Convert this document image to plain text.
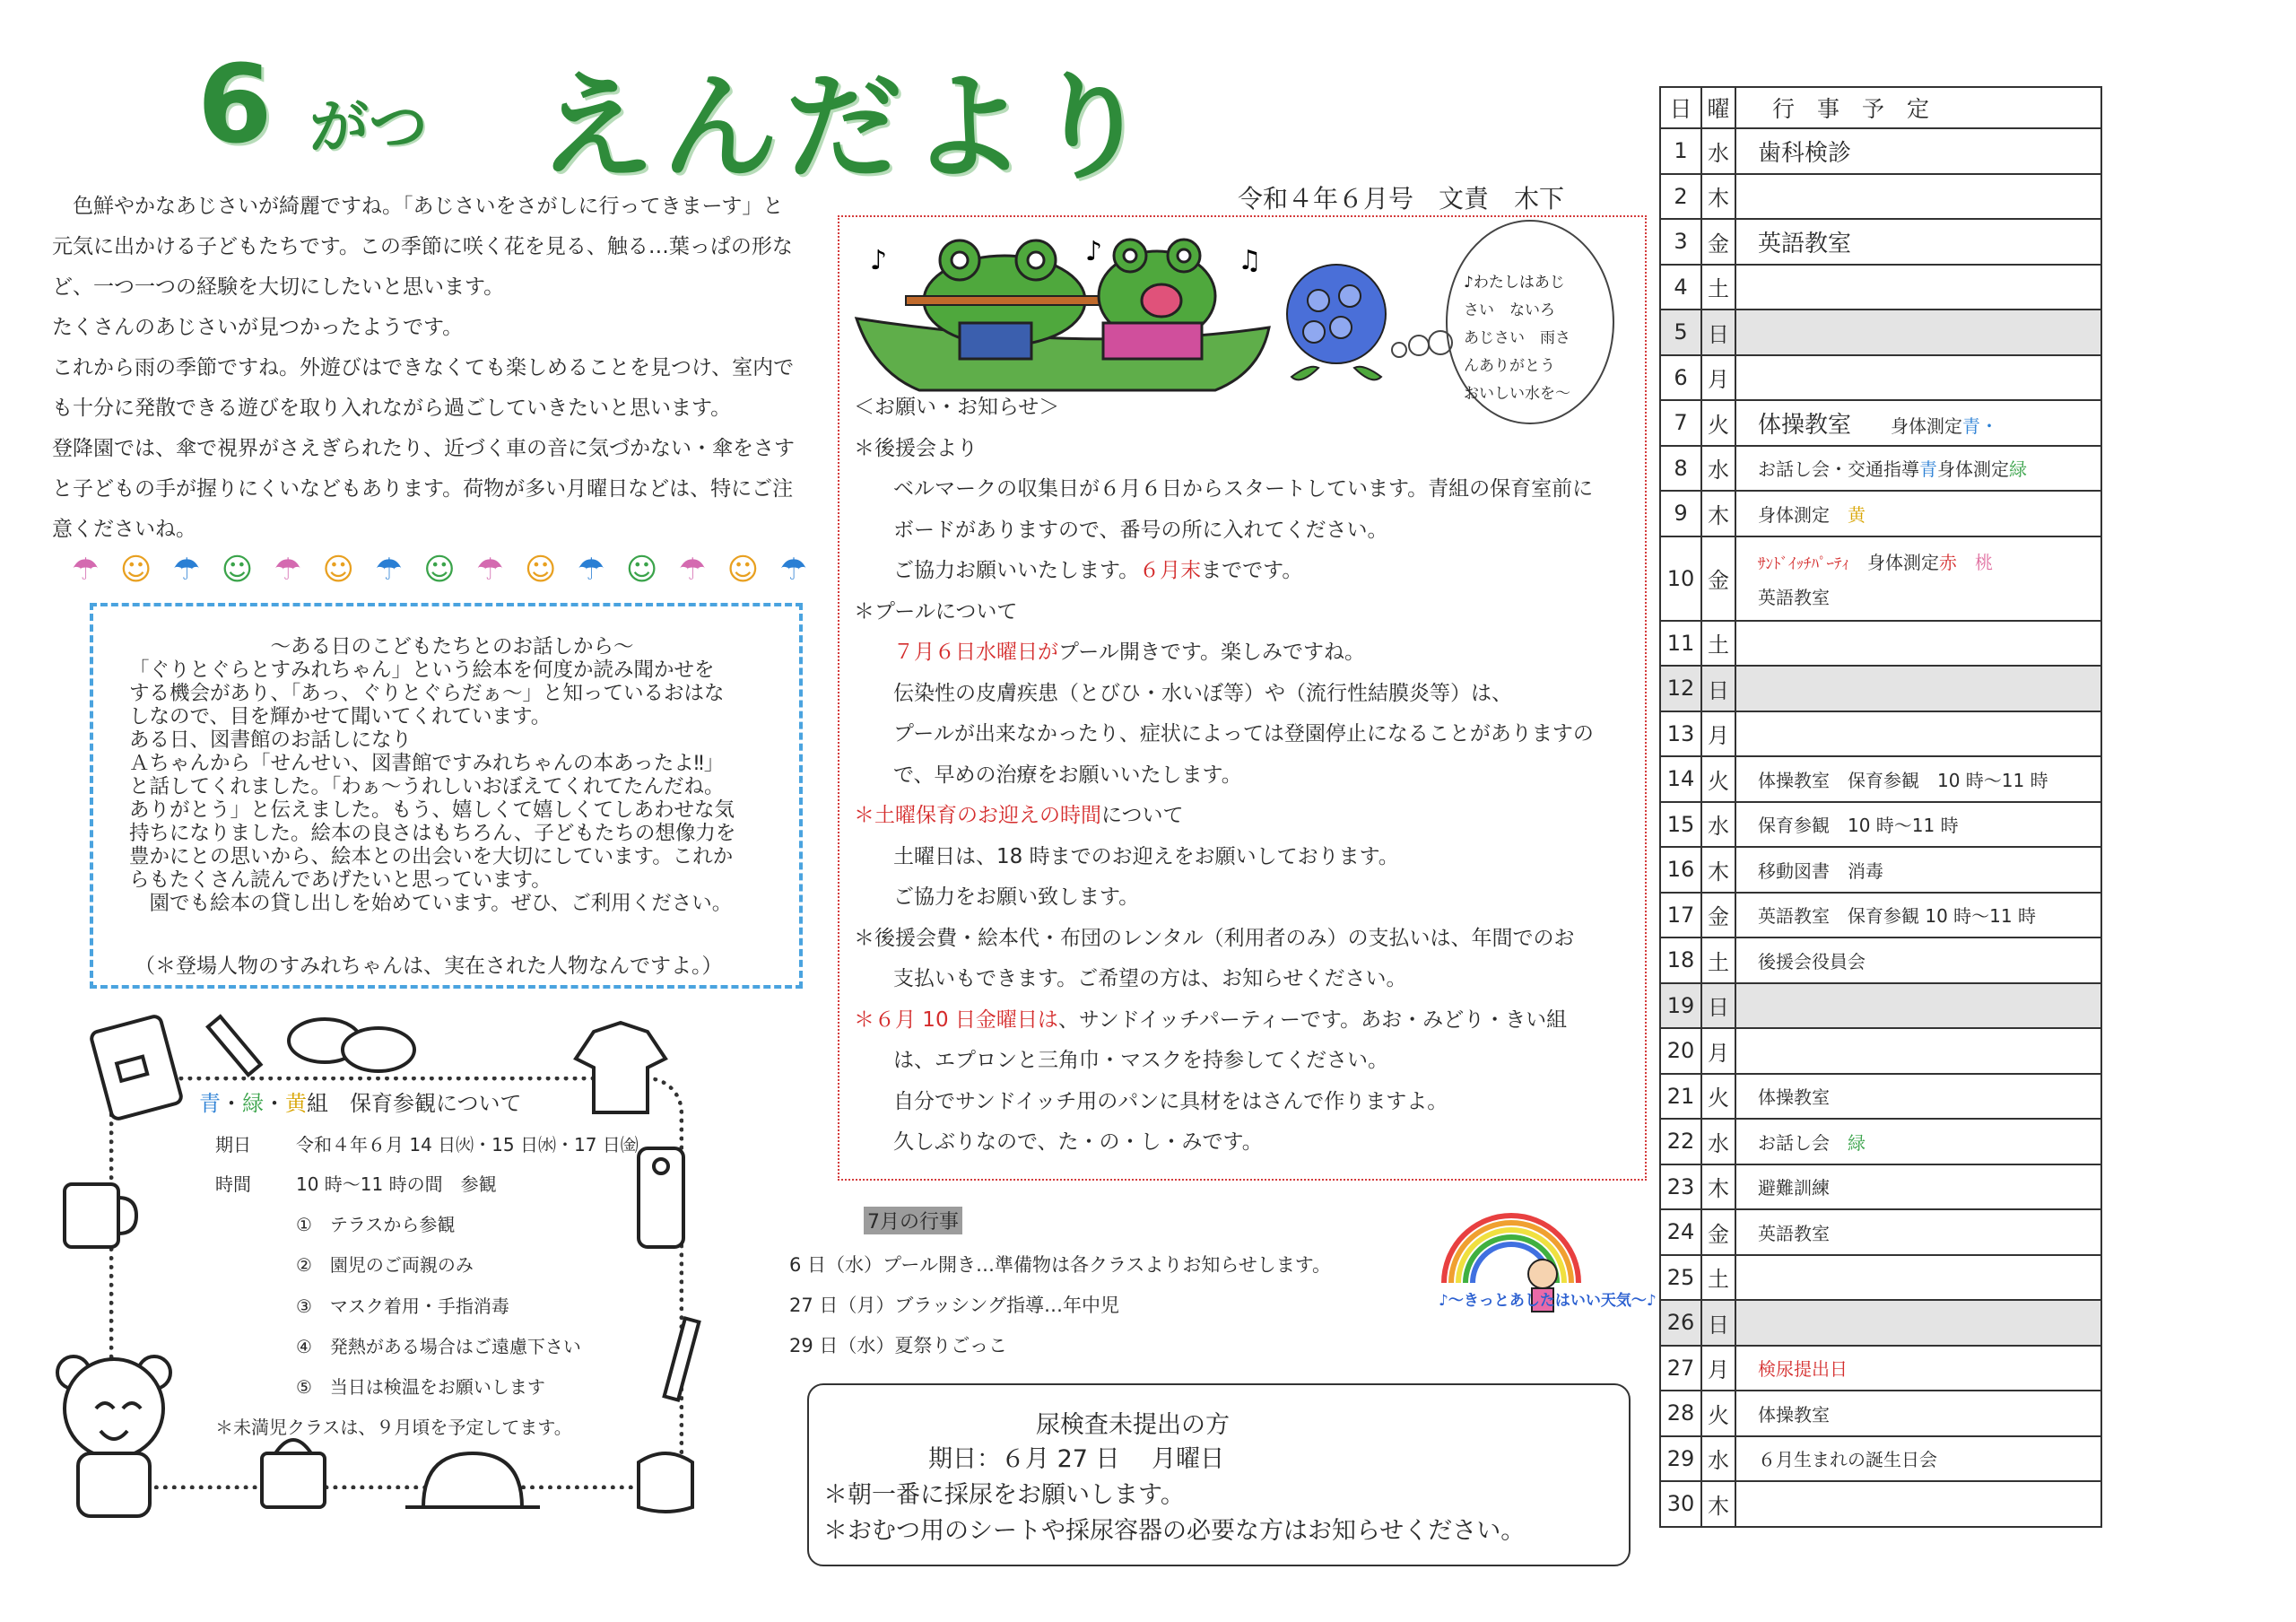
6 がつ えんだより
令和４年６月号　文責　木下

色鮮やかなあじさいが綺麗ですね。「あじさいをさがしに行ってきまーす」と

元気に出かける子どもたちです。この季節に咲く花を見る、触る…葉っぱの形な

ど、一つ一つの経験を大切にしたいと思います。

たくさんのあじさいが見つかったようです。

これから雨の季節ですね。外遊びはできなくても楽しめることを見つけ、室内で

も十分に発散できる遊びを取り入れながら過ごしていきたいと思います。

登降園では、傘で視界がさえぎられたり、近づく車の音に気づかない・傘をさす

と子どもの手が握りにくいなどもあります。荷物が多い月曜日などは、特にご注

意くださいね。

☂ ☺ ☂ ☺ ☂ ☺ ☂ ☺ ☂ ☺ ☂ ☺ ☂ ☺ ☂

～ある日のこどもたちとのお話しから～

「ぐりとぐらとすみれちゃん」という絵本を何度か読み聞かせを

する機会があり、「あっ、ぐりとぐらだぁ～」と知っているおはな

しなので、目を輝かせて聞いてくれています。

ある日、図書館のお話しになり

Ａちゃんから「せんせい、図書館ですみれちゃんの本あったよ‼」

と話してくれました。「わぁ～うれしいおぼえてくれてたんだね。

ありがとう」と伝えました。もう、嬉しくて嬉しくてしあわせな気

持ちになりました。絵本の良さはもちろん、子どもたちの想像力を

豊かにとの思いから、絵本との出会いを大切にしています。これか

らもたくさん読んであげたいと思っています。

　園でも絵本の貸し出しを始めています。ぜひ、ご利用ください。

（＊登場人物のすみれちゃんは、実在された人物なんですよ。）
青・緑・黄組　保育参観について
期日	令和４年６月 14 日㈫・15 日㈬・17 日㈮
時間	10 時～11 時の間　参観
①　テラスから参観
②　園児のご両親のみ
③　マスク着用・手指消毒
④　発熱がある場合はご遠慮下さい
⑤　当日は検温をお願いします
＊未満児クラスは、９月頃を予定してます。
♪	♪	♫
♪わたしはあじ
さい　ないろ
あじさい　雨さ
んありがとう
おいしい水を～

＜お願い・お知らせ＞

＊後援会より

ベルマークの収集日が６月６日からスタートしています。青組の保育室前に

ボードがありますので、番号の所に入れてください。

ご協力お願いいたします。６月末までです。

＊プールについて

７月６日水曜日がプール開きです。楽しみですね。

伝染性の皮膚疾患（とびひ・水いぼ等）や（流行性結膜炎等）は、

プールが出来なかったり、症状によっては登園停止になることがありますの

で、早めの治療をお願いいたします。

＊土曜保育のお迎えの時間について

土曜日は、18 時までのお迎えをお願いしております。

ご協力をお願い致します。

＊後援会費・絵本代・布団のレンタル（利用者のみ）の支払いは、年間でのお

支払いもできます。ご希望の方は、お知らせください。

＊６月 10 日金曜日は、サンドイッチパーティーです。あお・みどり・きい組

は、エプロンと三角巾・マスクを持参してください。

自分でサンドイッチ用のパンに具材をはさんで作りますよ。

久しぶりなので、た・の・し・みです。

7月の行事

6 日（水）プール開き…準備物は各クラスよりお知らせします。

27 日（月）ブラッシング指導…年中児

29 日（水）夏祭りごっこ

♪～きっとあしたはいい天気～♪
尿検査未提出の方
期日：６月 27 日　 月曜日
＊朝一番に採尿をお願いします。
＊おむつ用のシートや採尿容器の必要な方はお知らせください。
日	曜	行　事　予　定
1	水	歯科検診
2	木	
3	金	英語教室
4	土	
5	日	
6	月	
7	火	体操教室　　 身体測定青・
8	水	お話し会・交通指導青身体測定緑
9	木	身体測定　黄
10	金	ｻﾝﾄﾞｲｯﾁﾊﾟｰﾃｨ　 身体測定赤　 桃
英語教室

11	土	
12	日	
13	月	
14	火	体操教室　保育参観　10 時～11 時
15	水	保育参観　10 時～11 時
16	木	移動図書　消毒
17	金	英語教室　保育参観 10 時～11 時
18	土	後援会役員会
19	日	
20	月	
21	火	体操教室
22	水	お話し会　緑
23	木	避難訓練
24	金	英語教室
25	土	
26	日	
27	月	検尿提出日
28	火	体操教室
29	水	６月生まれの誕生日会
30	木	
